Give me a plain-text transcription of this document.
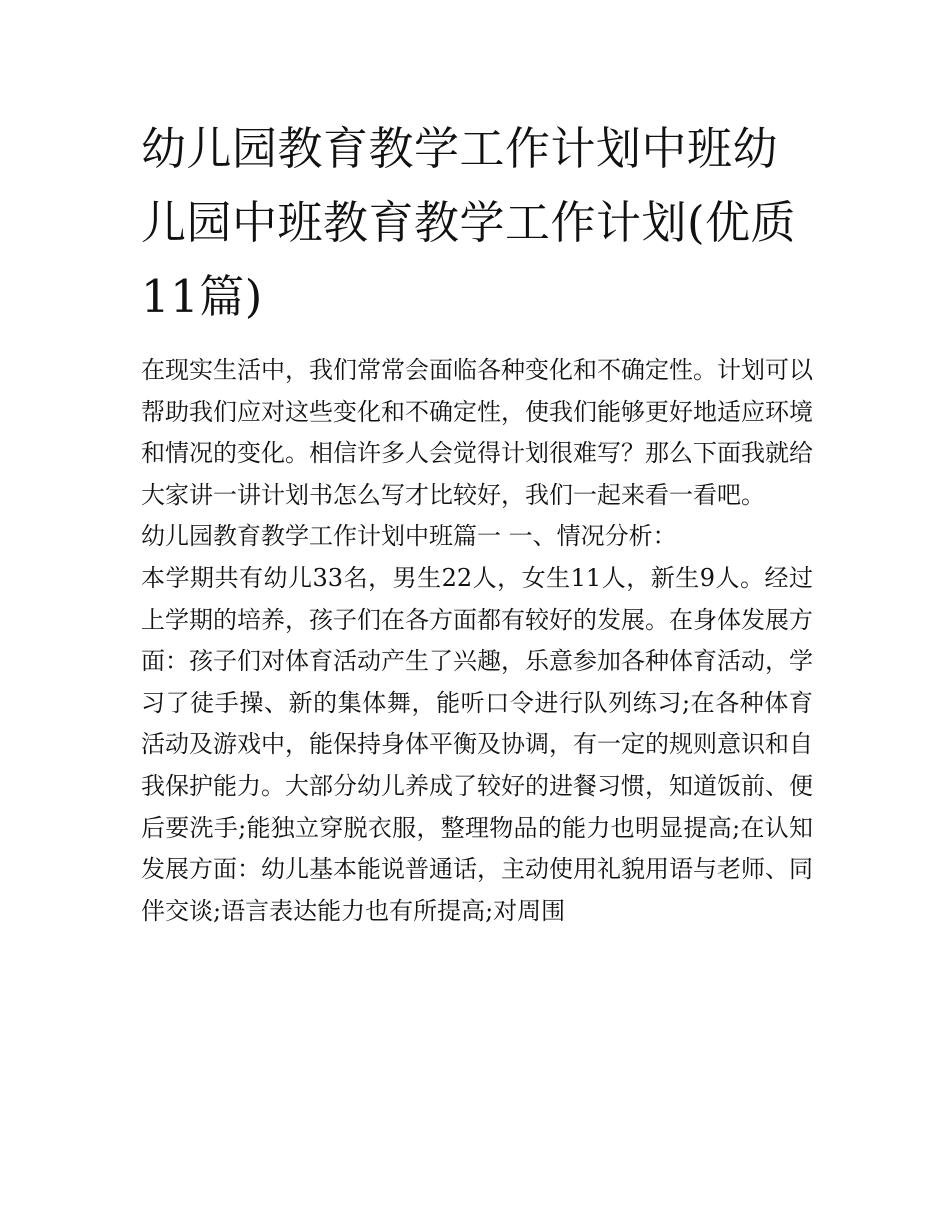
幼儿园教育教学工作计划中班幼儿园中班教育教学工作计划(优质11篇)

在现实生活中，我们常常会面临各种变化和不确定性。计划可以帮助我们应对这些变化和不确定性，使我们能够更好地适应环境和情况的变化。相信许多人会觉得计划很难写？那么下面我就给大家讲一讲计划书怎么写才比较好，我们一起来看一看吧。

幼儿园教育教学工作计划中班篇一 一、情况分析：

本学期共有幼儿33名，男生22人，女生11人，新生9人。经过上学期的培养，孩子们在各方面都有较好的发展。在身体发展方面：孩子们对体育活动产生了兴趣，乐意参加各种体育活动，学习了徒手操、新的集体舞，能听口令进行队列练习;在各种体育活动及游戏中，能保持身体平衡及协调，有一定的规则意识和自我保护能力。大部分幼儿养成了较好的进餐习惯，知道饭前、便后要洗手;能独立穿脱衣服，整理物品的能力也明显提高;在认知发展方面：幼儿基本能说普通话，主动使用礼貌用语与老师、同伴交谈;语言表达能力也有所提高;对周围
